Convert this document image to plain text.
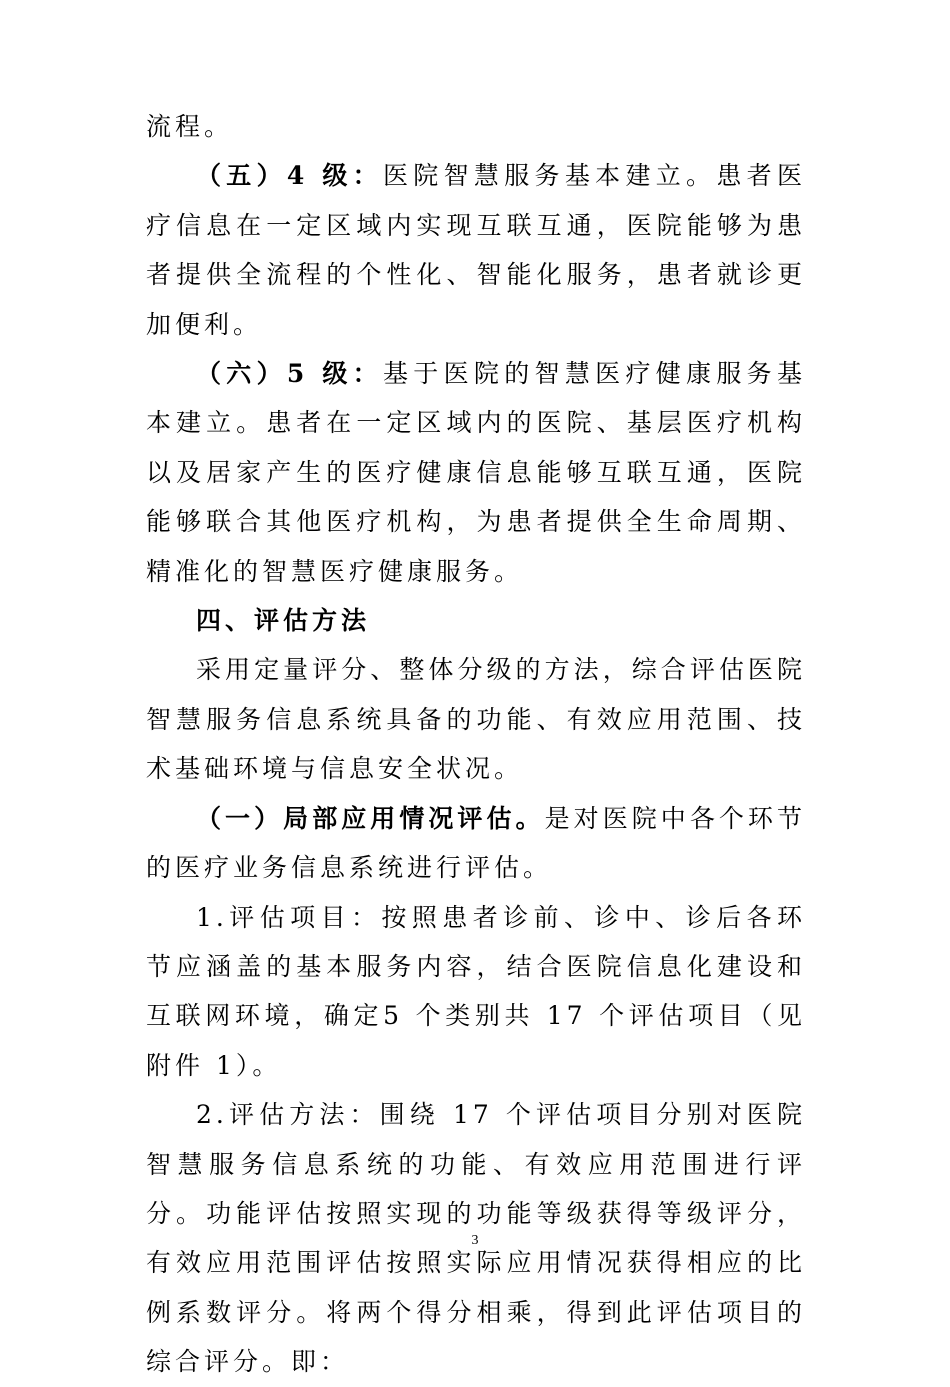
流程。

（五）4 级：医院智慧服务基本建立。患者医疗信息在一定区域内实现互联互通，医院能够为患者提供全流程的个性化、智能化服务，患者就诊更加便利。

（六）5 级：基于医院的智慧医疗健康服务基本建立。患者在一定区域内的医院、基层医疗机构以及居家产生的医疗健康信息能够互联互通，医院能够联合其他医疗机构，为患者提供全生命周期、精准化的智慧医疗健康服务。

四、评估方法

采用定量评分、整体分级的方法，综合评估医院智慧服务信息系统具备的功能、有效应用范围、技术基础环境与信息安全状况。

（一）局部应用情况评估。是对医院中各个环节的医疗业务信息系统进行评估。

1.评估项目：按照患者诊前、诊中、诊后各环节应涵盖的基本服务内容，结合医院信息化建设和互联网环境，确定5 个类别共 17 个评估项目（见附件 1）。

2.评估方法：围绕 17 个评估项目分别对医院智慧服务信息系统的功能、有效应用范围进行评分。功能评估按照实现的功能等级获得等级评分，有效应用范围评估按照实际应用情况获得相应的比例系数评分。将两个得分相乘，得到此评估项目的综合评分。即：

3
